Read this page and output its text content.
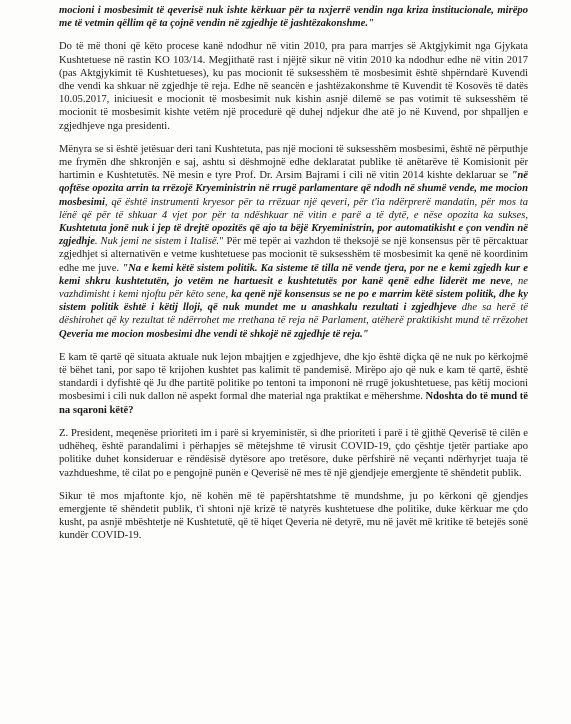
mocioni i mosbesimit të qeverisë nuk ishte kërkuar për ta nxjerrë vendin nga kriza institucionale, mirëpo me të vetmin qëllim që ta çojnë vendin në zgjedhje të jashtëzakonshme."

Do të më thoni që këto procese kanë ndodhur në vitin 2010, pra para marrjes së Aktgjykimit nga Gjykata Kushtetuese në rastin KO 103/14. Megjithatë rast i njëjtë sikur në vitin 2010 ka ndodhur edhe në vitin 2017 (pas Aktgjykimit të Kushtetueses), ku pas mocionit të suksesshëm të mosbesimit është shpërndarë Kuvendi dhe vendi ka shkuar në zgjedhje të reja. Edhe në seancën e jashtëzakonshme të Kuvendit të Kosovës të datës 10.05.2017, iniciuesit e mocionit të mosbesimit nuk kishin asnjë dilemë se pas votimit të suksesshëm të mocionit të mosbesimit kishte vetëm një procedurë që duhej ndjekur dhe atë jo në Kuvend, por shpalljen e zgjedhjeve nga presidenti.

Mënyra se si është jetësuar deri tani Kushtetuta, pas një mocioni të suksesshëm mosbesimi, është në përputhje me frymën dhe shkronjën e saj, ashtu si dëshmojnë edhe deklaratat publike të anëtarëve të Komisionit për hartimin e Kushtetutës. Në mesin e tyre Prof. Dr. Arsim Bajrami i cili në vitin 2014 kishte deklaruar se "në qoftëse opozita arrin ta rrëzojë Kryeministrin në rrugë parlamentare që ndodh në shumë vende, me mocion mosbesimi, që është instrumenti kryesor për ta rrëzuar një qeveri, për t'ia ndërprerë mandatin, për mos ta lënë që për të shkuar 4 vjet por për ta ndëshkuar në vitin e parë a të dytë, e nëse opozita ka sukses, Kushtetuta jonë nuk i jep të drejtë opozitës që ajo ta bëjë Kryeministrin, por automatikisht e çon vendin në zgjedhje. Nuk jemi ne sistem i Italisë." Për më tepër ai vazhdon të theksojë se një konsensus për të përcaktuar zgjedhjet si alternativën e vetme kushtetuese pas mocionit të suksesshëm të mosbesimit ka qenë në koordinim edhe me juve. "Na e kemi këtë sistem politik. Ka sisteme të tilla në vende tjera, por ne e kemi zgjedh kur e kemi shkru kushtetutën, jo vetëm ne hartuesit e kushtetutës por kanë qenë edhe liderët me neve, ne vazhdimisht i kemi njoftu për këto sene, ka qenë një konsensus se ne po e marrim këtë sistem politik, dhe ky sistem politik është i këtij lloji, që nuk mundet me u anashkalu rezultati i zgjedhjeve dhe sa herë të dëshirohet që ky rezultat të ndërrohet me rrethana të reja në Parlament, atëherë praktikisht mund të rrëzohet Qeveria me mocion mosbesimi dhe vendi të shkojë në zgjedhje të reja."

E kam të qartë që situata aktuale nuk lejon mbajtjen e zgjedhjeve, dhe kjo është diçka që ne nuk po kërkojmë të bëhet tani, por sapo të krijohen kushtet pas kalimit të pandemisë. Mirëpo ajo që nuk e kam të qartë, është standardi i dyfishtë që Ju dhe partitë politike po tentoni ta impononi në rrugë jokushtetuese, pas këtij mocioni mosbesimi i cili nuk dallon në aspekt formal dhe material nga praktikat e mëhershme. Ndoshta do të mund të na sqaroni këtë?

Z. President, meqenëse prioriteti im i parë si kryeministër, si dhe prioriteti i parë i të gjithë Qeverisë të cilën e udhëheq, është parandalimi i përhapjes së mëtejshme të virusit COVID-19, çdo çështje tjetër partiake apo politike duhet konsideruar e rëndësisë dytësore apo tretësore, duke përfshirë në veçanti ndërhyrjet tuaja të vazhdueshme, të cilat po e pengojnë punën e Qeverisë në mes të një gjendjeje emergjente të shëndetit publik.

Sikur të mos mjaftonte kjo, në kohën më të papërshtatshme të mundshme, ju po kërkoni që gjendjes emergjente të shëndetit publik, t'i shtoni një krizë të natyrës kushtetuese dhe politike, duke kërkuar me çdo kusht, pa asnjë mbështetje në Kushtetutë, që të hiqet Qeveria në detyrë, mu në javët më kritike të betejës sonë kundër COVID-19.
